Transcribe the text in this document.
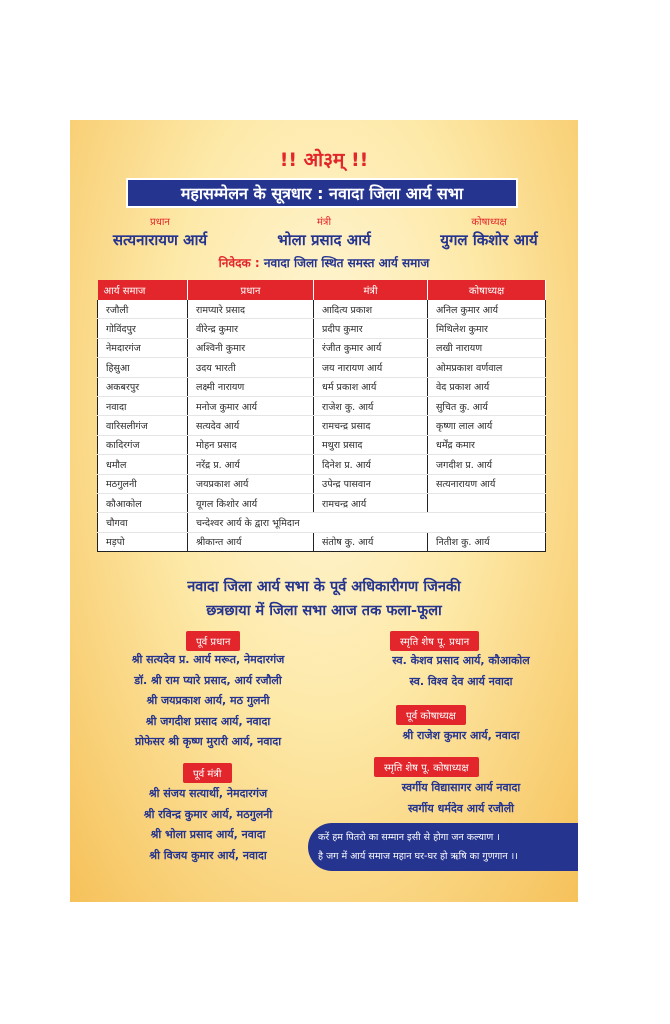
!! ओ३म् !!
महासम्मेलन के सूत्रधार : नवादा जिला आर्य सभा
प्रधान
सत्यनारायण आर्य
मंत्री
भोला प्रसाद आर्य
कोषाध्यक्ष
युगल किशोर आर्य
निवेदक : नवादा जिला स्थित समस्त आर्य समाज
आर्य समाज	प्रधान	मंत्री	कोषाध्यक्ष
रजौली	रामप्यारे प्रसाद	आदित्य प्रकाश	अनिल कुमार आर्य
गोविंदपुर	वीरेन्द्र कुमार	प्रदीप कुमार	मिथिलेश कुमार
नेमदारगंज	अश्विनी कुमार	रंजीत कुमार आर्य	लखी नारायण
हिसुआ	उदय भारती	जय नारायण आर्य	ओमप्रकाश वर्णवाल
अकबरपुर	लक्ष्मी नारायण	धर्म प्रकाश आर्य	वेद प्रकाश आर्य
नवादा	मनोज कुमार आर्य	राजेश कु. आर्य	सुचित कु. आर्य
वारिसलीगंज	सत्यदेव आर्य	रामचन्द्र प्रसाद	कृष्णा लाल आर्य
कादिरगंज	मोहन प्रसाद	मथुरा प्रसाद	धर्मेंद्र कमार
धमौल	नरेंद्र प्र. आर्य	दिनेश प्र. आर्य	जगदीश प्र. आर्य
मठगुलनी	जयप्रकाश आर्य	उपेन्द्र पासवान	सत्यनारायण आर्य
कौआकोल	यूगल किशोर आर्य	रामचन्द्र आर्य	
चौगवा	चन्देश्वर आर्य के द्वारा भूमिदान		
मड़पो	श्रीकान्त आर्य	संतोष कु. आर्य	नितीश कु. आर्य
नवादा जिला आर्य सभा के पूर्व अधिकारीगण जिनकी
छत्रछाया में जिला सभा आज तक फला-फूला
पूर्व प्रधान
श्री सत्यदेव प्र. आर्य मरूत, नेमदारगंज
डॉ. श्री राम प्यारे प्रसाद, आर्य रजौली
श्री जयप्रकाश आर्य, मठ गुलनी
श्री जगदीश प्रसाद आर्य, नवादा
प्रोफेसर श्री कृष्ण मुरारी आर्य, नवादा
पूर्व मंत्री
श्री संजय सत्यार्थी, नेमदारगंज
श्री रविन्द्र कुमार आर्य, मठगुलनी
श्री भोला प्रसाद आर्य, नवादा
श्री विजय कुमार आर्य, नवादा
स्मृति शेष पू. प्रधान
स्व. केशव प्रसाद आर्य, कौआकोल
स्व. विश्व देव आर्य नवादा
पूर्व कोषाध्यक्ष
श्री राजेश कुमार आर्य, नवादा
स्मृति शेष पू. कोषाध्यक्ष
स्वर्गीय विद्यासागर आर्य नवादा
स्वर्गीय धर्मदेव आर्य रजौली
करें हम पितरो का सम्मान इसी से होगा जन कल्याण ।
है जग में आर्य समाज महान घर-घर हो ऋषि का गुणगान ।।
